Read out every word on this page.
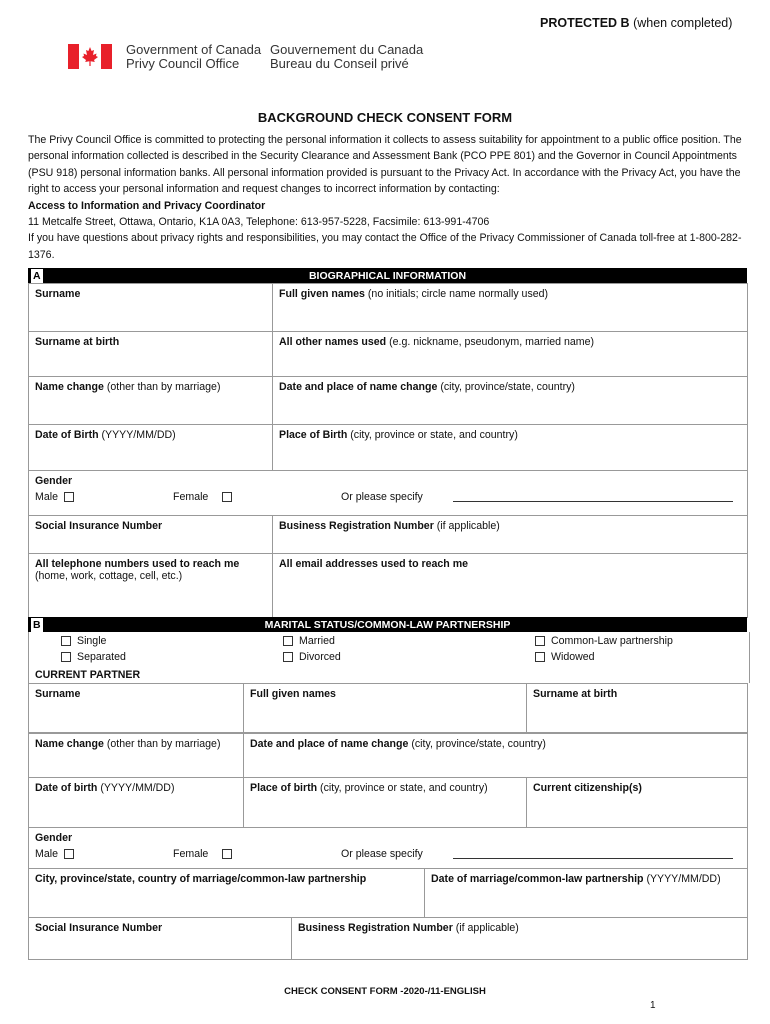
PROTECTED B (when completed)
Government of Canada
Privy Council Office
Gouvernement du Canada
Bureau du Conseil privé
BACKGROUND CHECK CONSENT FORM

The Privy Council Office is committed to protecting the personal information it collects to assess suitability for appointment to a public office position. The personal information collected is described in the Security Clearance and Assessment Bank (PCO PPE 801) and the Governor in Council Appointments (PSU 918) personal information banks. All personal information provided is pursuant to the Privacy Act. In accordance with the Privacy Act, you have the right to access your personal information and request changes to incorrect information by contacting:

Access to Information and Privacy Coordinator

11 Metcalfe Street, Ottawa, Ontario, K1A 0A3, Telephone: 613-957-5228, Facsimile: 613-991-4706

If you have questions about privacy rights and responsibilities, you may contact the Office of the Privacy Commissioner of Canada toll-free at 1-800-282-1376.

A	BIOGRAPHICAL INFORMATION
Surname	Full given names (no initials; circle name normally used)
Surname at birth	All other names used (e.g. nickname, pseudonym, married name)
Name change (other than by marriage)	Date and place of name change (city, province/state, country)
Date of Birth (YYYY/MM/DD)	Place of Birth (city, province or state, and country)

Gender
Male Female Or please specify	

Social Insurance Number	Business Registration Number (if applicable)
All telephone numbers used to reach me
(home, work, cottage, cell, etc.)	All email addresses used to reach me
B	MARITAL STATUS/COMMON-LAW PARTNERSHIP
Single
Separated
Married
Divorced
Common-Law partnership
Widowed
CURRENT PARTNER
Surname	Full given names	Surname at birth
Name change (other than by marriage)	Date and place of name change (city, province/state, country)	
Date of birth (YYYY/MM/DD)	Place of birth (city, province or state, and country)	Current citizenship(s)

Gender
Male Female Or please specify		
City, province/state, country of marriage/common-law partnership	Date of marriage/common-law partnership (YYYY/MM/DD)
Social Insurance Number	Business Registration Number (if applicable)
CHECK CONSENT FORM -2020-/11-ENGLISH
1
